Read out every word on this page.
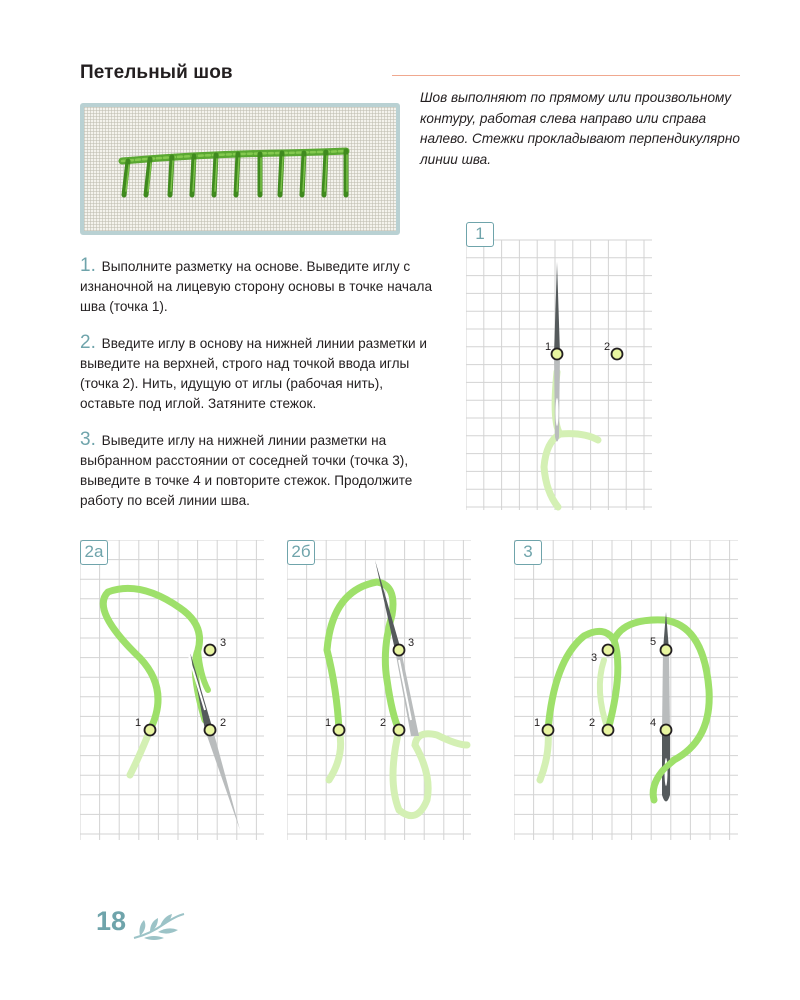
Петельный шов

Шов выполняют по прямому или произвольному контуру, работая слева направо или справа налево. Стежки прокладывают перпендикулярно линии шва.

1. Выполните разметку на основе. Выведите иглу с изнаночной на лицевую сторону основы в точке начала шва (точка 1).

2. Введите иглу в основу на нижней линии разметки и выведите на верхней, строго над точкой ввода иглы (точка 2). Нить, идущую от иглы (рабочая нить), оставьте под иглой. Затяните стежок.

3. Выведите иглу на нижней линии разметки на выбранном расстоянии от соседней точки (точка 3), выведите в точке 4 и повторите стежок. Продолжите работу по всей линии шва.

1	2
1
1	2
3
2а
1	2
3
2б
1	2
3
4
5
3

18
